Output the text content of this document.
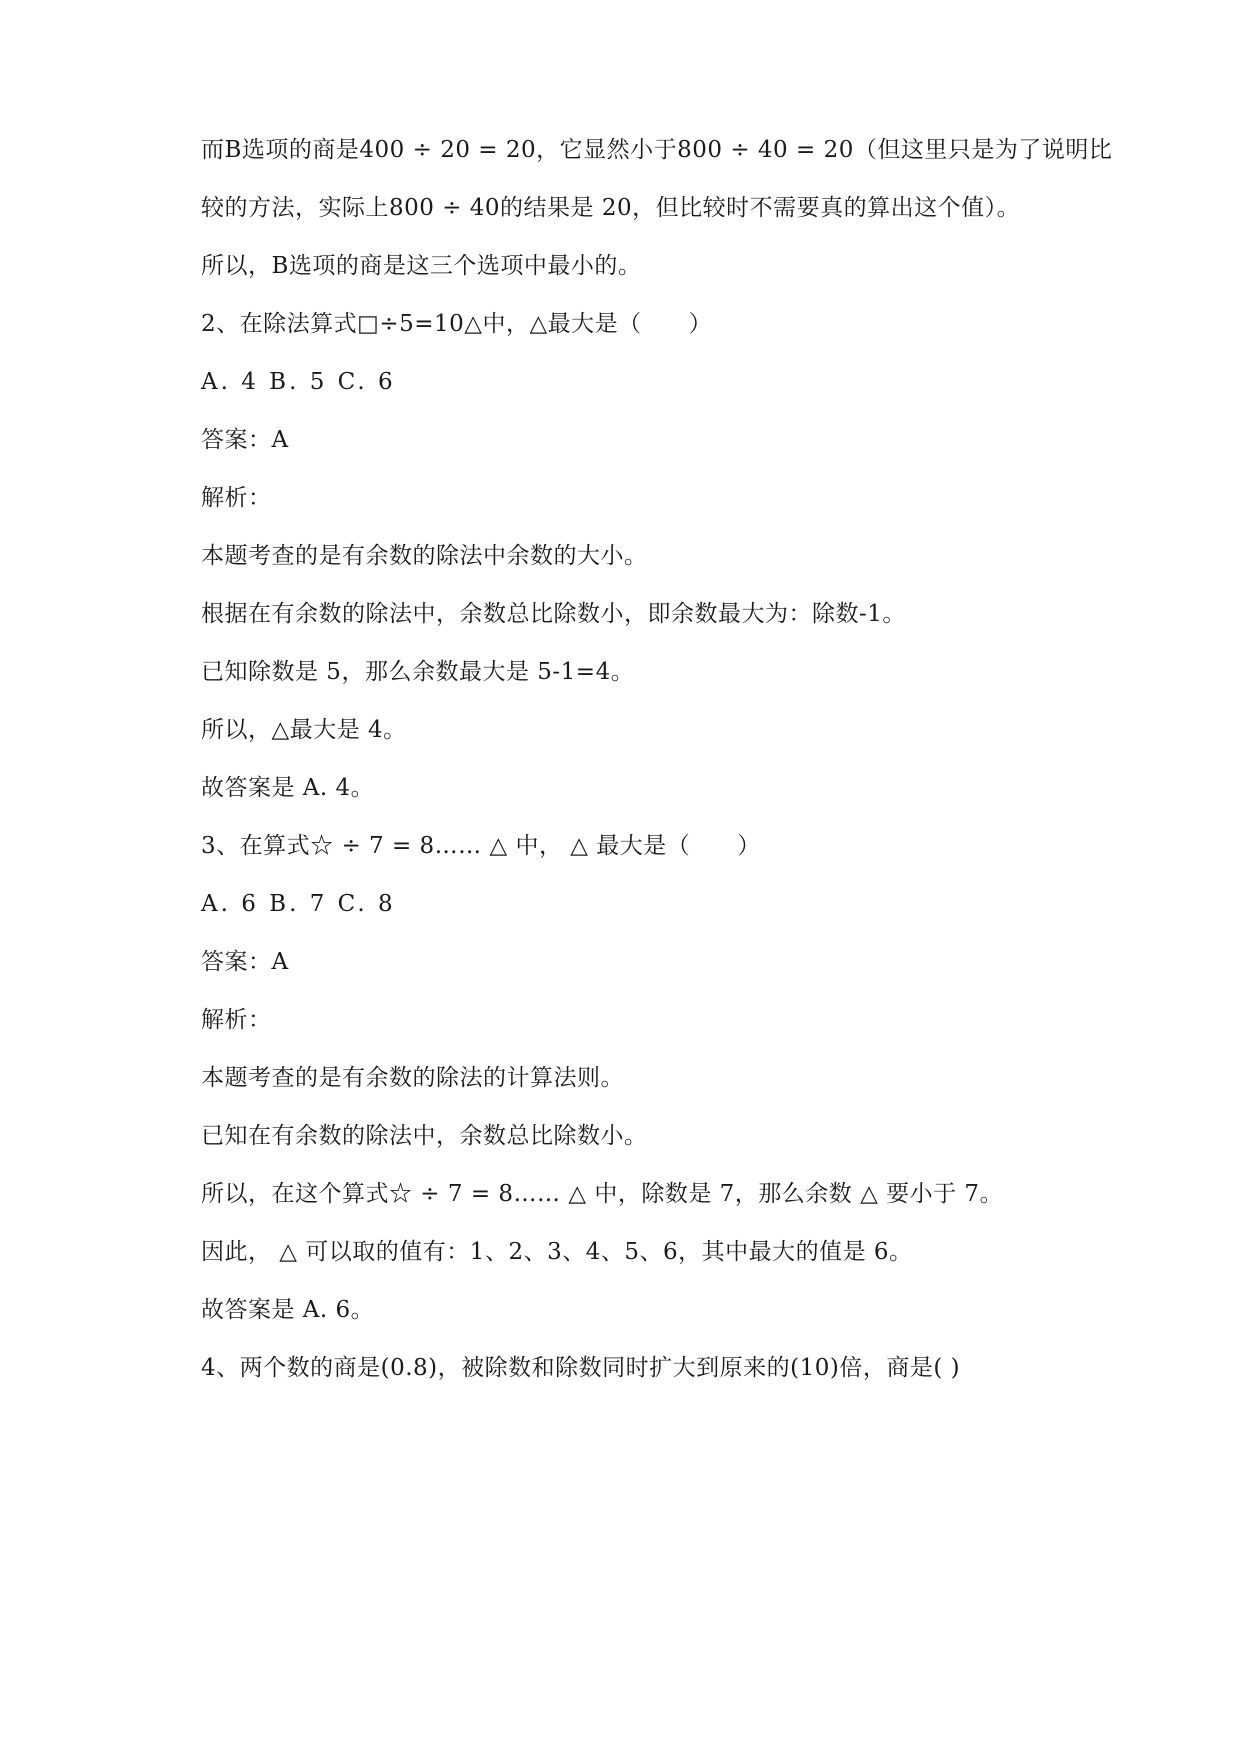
而B选项的商是400 ÷ 20 = 20，它显然小于800 ÷ 40 = 20（但这里只是为了说明比
较的方法，实际上800 ÷ 40的结果是 20，但比较时不需要真的算出这个值）。
所以，B选项的商是这三个选项中最小的。
2、在除法算式□÷5=10△中，△最大是（　　）
A. 4 B. 5 C. 6
答案：A
解析：
本题考查的是有余数的除法中余数的大小。
根据在有余数的除法中，余数总比除数小，即余数最大为：除数-1。
已知除数是 5，那么余数最大是 5-1=4。
所以，△最大是 4。
故答案是 A. 4。
3、在算式☆ ÷ 7 = 8…… △ 中， △ 最大是（　　）
A. 6 B. 7 C. 8
答案：A
解析：
本题考查的是有余数的除法的计算法则。
已知在有余数的除法中，余数总比除数小。
所以，在这个算式☆ ÷ 7 = 8…… △ 中，除数是 7，那么余数 △ 要小于 7。
因此， △ 可以取的值有：1、2、3、4、5、6，其中最大的值是 6。
故答案是 A. 6。
4、两个数的商是(0.8)，被除数和除数同时扩大到原来的(10)倍，商是( )
